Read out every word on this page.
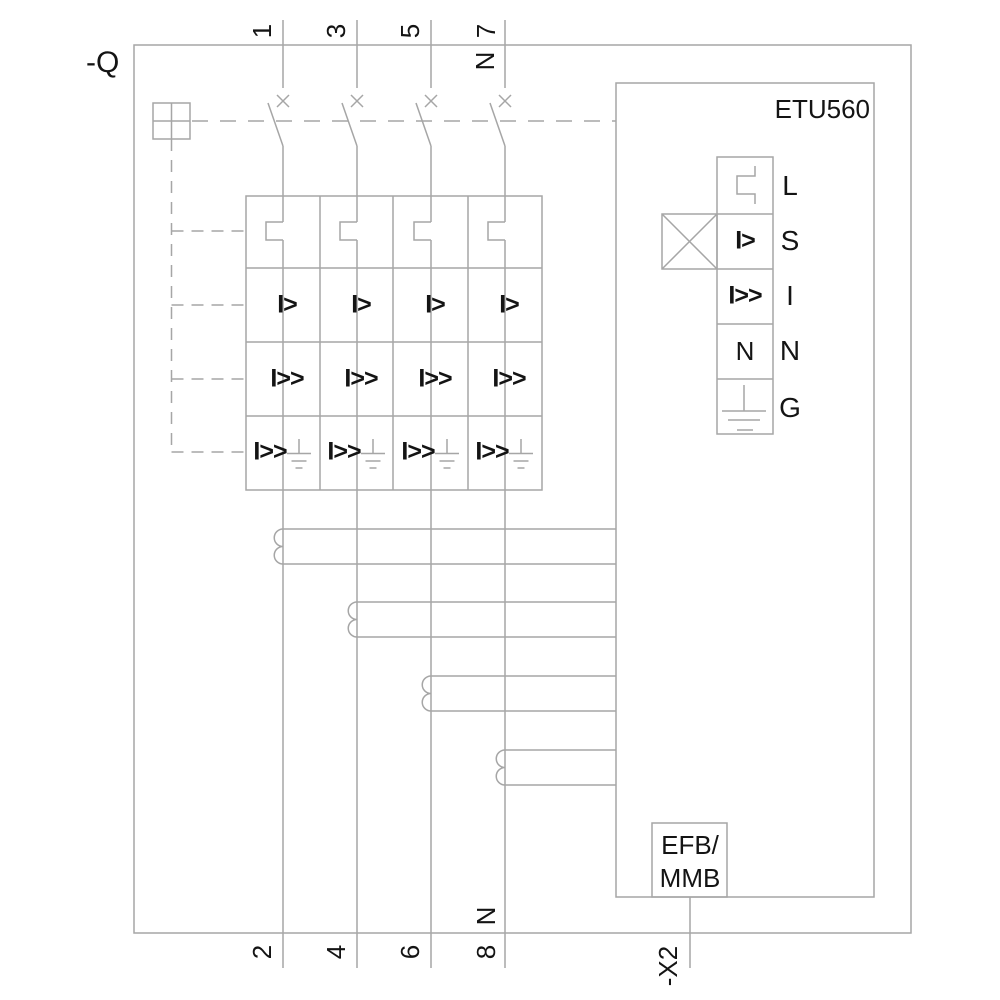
-Q
1 3 5 7
N
2 4 6 8
N
I> I> I> I>
I>> I>> I>> I>>
I>> I>> I>> I>>
ETU560
I>
I>>
N
L
S
I
N
G
EFB/
MMB
-X2
